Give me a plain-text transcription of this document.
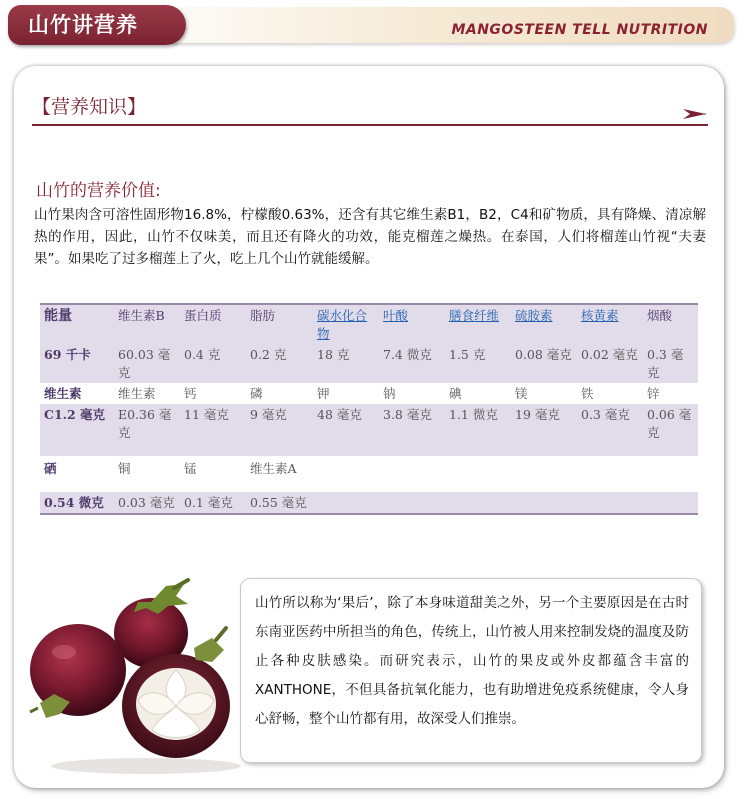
MANGOSTEEN TELL NUTRITION
山竹讲营养
【营养知识】
山竹的营养价值:

山竹果肉含可溶性固形物16.8%，柠檬酸0.63%，还含有其它维生素B1，B2，C4和矿物质，具有降燥、清凉解热的作用，因此，山竹不仅味美，而且还有降火的功效，能克榴莲之燥热。在泰国，人们将榴莲山竹视“夫妻果”。如果吃了过多榴莲上了火，吃上几个山竹就能缓解。

能量	维生素B	蛋白质	脂肪	碳水化合物	叶酸	膳食纤维	硫胺素	核黄素	烟酸
69 千卡	60.03 毫克	0.4 克	0.2 克	18 克	7.4 微克	1.5 克	0.08 毫克	0.02 毫克	0.3 毫克
维生素	维生素	钙	磷	钾	钠	碘	镁	铁	锌
C1.2 毫克	E0.36 毫克	11 毫克	9 毫克	48 毫克	3.8 毫克	1.1 微克	19 毫克	0.3 毫克	0.06 毫克
硒	铜	锰	维生素A						
0.54 微克	0.03 毫克	0.1 毫克	0.55 毫克						

山竹所以称为‘果后’，除了本身味道甜美之外，另一个主要原因是在古时东南亚医药中所担当的角色，传统上，山竹被人用来控制发烧的温度及防止各种皮肤感染。而研究表示，山竹的果皮或外皮都蕴含丰富的XANTHONE，不但具备抗氧化能力，也有助增进免疫系统健康，令人身心舒畅，整个山竹都有用，故深受人们推崇。
